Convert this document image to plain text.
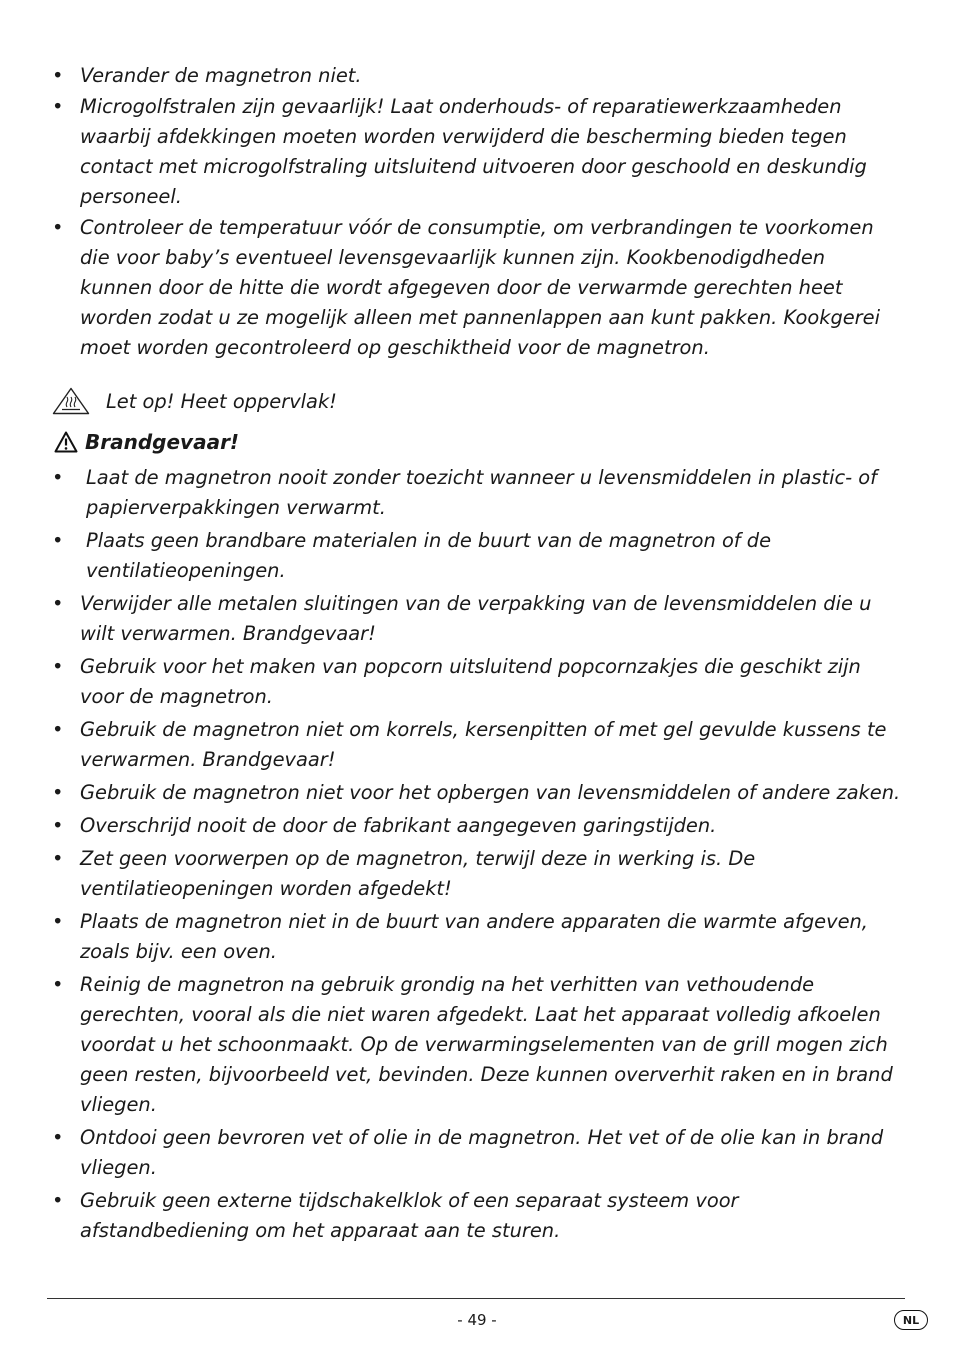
• Verander de magnetron niet.
• Microgolfstralen zijn gevaarlijk! Laat onderhouds- of reparatiewerkzaamheden waarbij afdekkingen moeten worden verwijderd die bescherming bieden tegen contact met microgolfstraling uitsluitend uitvoeren door geschoold en deskundig personeel.
• Controleer de temperatuur vóór de consumptie, om verbrandingen te voorkomen die voor baby’s eventueel levensgevaarlijk kunnen zijn. Kookbenodigdheden kunnen door de hitte die wordt afgegeven door de verwarmde gerechten heet worden zodat u ze mogelijk alleen met pannenlappen aan kunt pakken. Kookgerei moet worden gecontroleerd op geschiktheid voor de magnetron.
Let op! Heet oppervlak!
Brandgevaar!
• Laat de magnetron nooit zonder toezicht wanneer u levensmiddelen in plastic- of papierverpakkingen verwarmt.
• Plaats geen brandbare materialen in de buurt van de magnetron of de ventilatieopeningen.
• Verwijder alle metalen sluitingen van de verpakking van de levensmiddelen die u wilt verwarmen. Brandgevaar!
• Gebruik voor het maken van popcorn uitsluitend popcornzakjes die geschikt zijn voor de magnetron.
• Gebruik de magnetron niet om korrels, kersenpitten of met gel gevulde kussens te verwarmen. Brandgevaar!
• Gebruik de magnetron niet voor het opbergen van levensmiddelen of andere zaken.
• Overschrijd nooit de door de fabrikant aangegeven garingstijden.
• Zet geen voorwerpen op de magnetron, terwijl deze in werking is. De ventilatieopeningen worden afgedekt!
• Plaats de magnetron niet in de buurt van andere apparaten die warmte afgeven, zoals bijv. een oven.
• Reinig de magnetron na gebruik grondig na het verhitten van vethoudende gerechten, vooral als die niet waren afgedekt. Laat het apparaat volledig afkoelen voordat u het schoonmaakt. Op de verwarmingselementen van de grill mogen zich geen resten, bijvoorbeeld vet, bevinden. Deze kunnen oververhit raken en in brand vliegen.
• Ontdooi geen bevroren vet of olie in de magnetron. Het vet of de olie kan in brand vliegen.
• Gebruik geen externe tijdschakelklok of een separaat systeem voor afstandbediening om het apparaat aan te sturen.
- 49 -	NL
